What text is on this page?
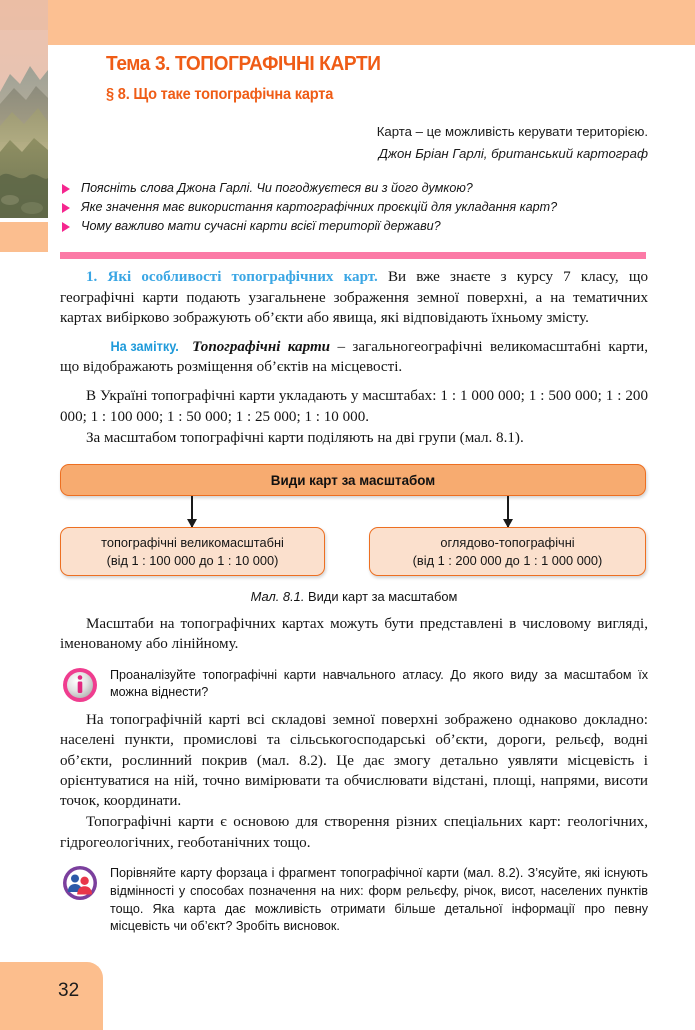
32
Тема 3. ТОПОГРАФІЧНІ КАРТИ
§ 8. Що таке топографічна карта
Карта – це можливість керувати територією.
Джон Бріан Гарлі, британський картограф
Поясніть слова Джона Гарлі. Чи погоджуєтеся ви з його думкою?
Яке значення має використання картографічних проєкцій для укладання карт?
Чому важливо мати сучасні карти всієї території держави?

1. Які особливості топографічних карт. Ви вже знаєте з курсу 7 класу, що географічні карти подають узагальнене зображення земної поверхні, а на тематичних картах вибірково зображують об’єкти або явища, які відповідають їхньому змісту.

На замітку. Топографічні карти – загальногеографічні великомасштабні карти, що відображають розміщення об’єктів на місцевості.

В Україні топографічні карти укладають у масштабах: 1 : 1 000 000; 1 : 500 000; 1 : 200 000; 1 : 100 000; 1 : 50 000; 1 : 25 000; 1 : 10 000.

За масштабом топографічні карти поділяють на дві групи (мал. 8.1).

Види карт за масштабом
топографічні великомасштабні
(від 1 : 100 000 до 1 : 10 000)
оглядово-топографічні
(від 1 : 200 000 до 1 : 1 000 000)
Мал. 8.1. Види карт за масштабом

Масштаби на топографічних картах можуть бути представлені в числовому вигляді, іменованому або лінійному.

Проаналізуйте топографічні карти навчального атласу. До якого виду за масштабом їх можна віднести?

На топографічній карті всі складові земної поверхні зображено однаково докладно: населені пункти, промислові та сільськогосподарські об’єкти, дороги, рельєф, водні об’єкти, рослинний покрив (мал. 8.2). Це дає змогу детально уявляти місцевість і орієнтуватися на ній, точно вимірювати та обчислювати відстані, площі, напрями, висоти точок, координати.

Топографічні карти є основою для створення різних спеціальних карт: геологічних, гідрогеологічних, геоботанічних тощо.

Порівняйте карту форзаца і фрагмент топографічної карти (мал. 8.2). З’ясуйте, які існують відмінності у способах позначення на них: форм рельєфу, річок, висот, населених пунктів тощо. Яка карта дає можливість отримати більше детальної інформації про певну місцевість чи об’єкт? Зробіть висновок.
